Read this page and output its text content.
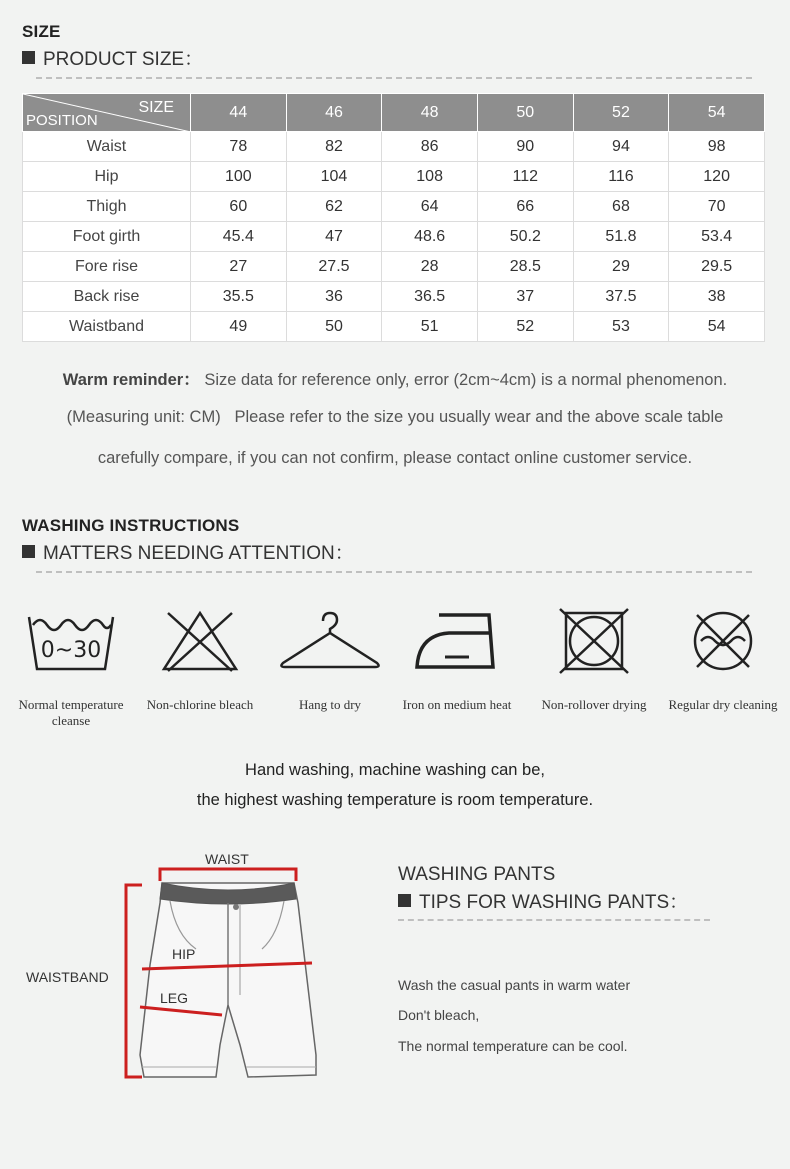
SIZE
PRODUCT SIZE：
SIZE
POSITION	44	46	48	50	52	54
Waist	78	82	86	90	94	98
Hip	100	104	108	112	116	120
Thigh	60	62	64	66	68	70
Foot girth	45.4	47	48.6	50.2	51.8	53.4
Fore rise	27	27.5	28	28.5	29	29.5
Back rise	35.5	36	36.5	37	37.5	38
Waistband	49	50	51	52	53	54
Warm reminder： Size data for reference only, error (2cm~4cm) is a normal phenomenon.
(Measuring unit: CM)   Please refer to the size you usually wear and the above scale table
carefully compare, if you can not confirm, please contact online customer service.
WASHING INSTRUCTIONS
MATTERS NEEDING ATTENTION：
0~30
Normal temperature cleanse
Non-chlorine bleach	Hang to dry	Iron on medium heat	Non-rollover drying	Regular dry cleaning
Hand washing, machine washing can be,
the highest washing temperature is room temperature.
WAIST
HIP
LEG
WAISTBAND
WASHING PANTS
TIPS FOR WASHING PANTS：
Wash the casual pants in warm water
Don't bleach,
The normal temperature can be cool.
